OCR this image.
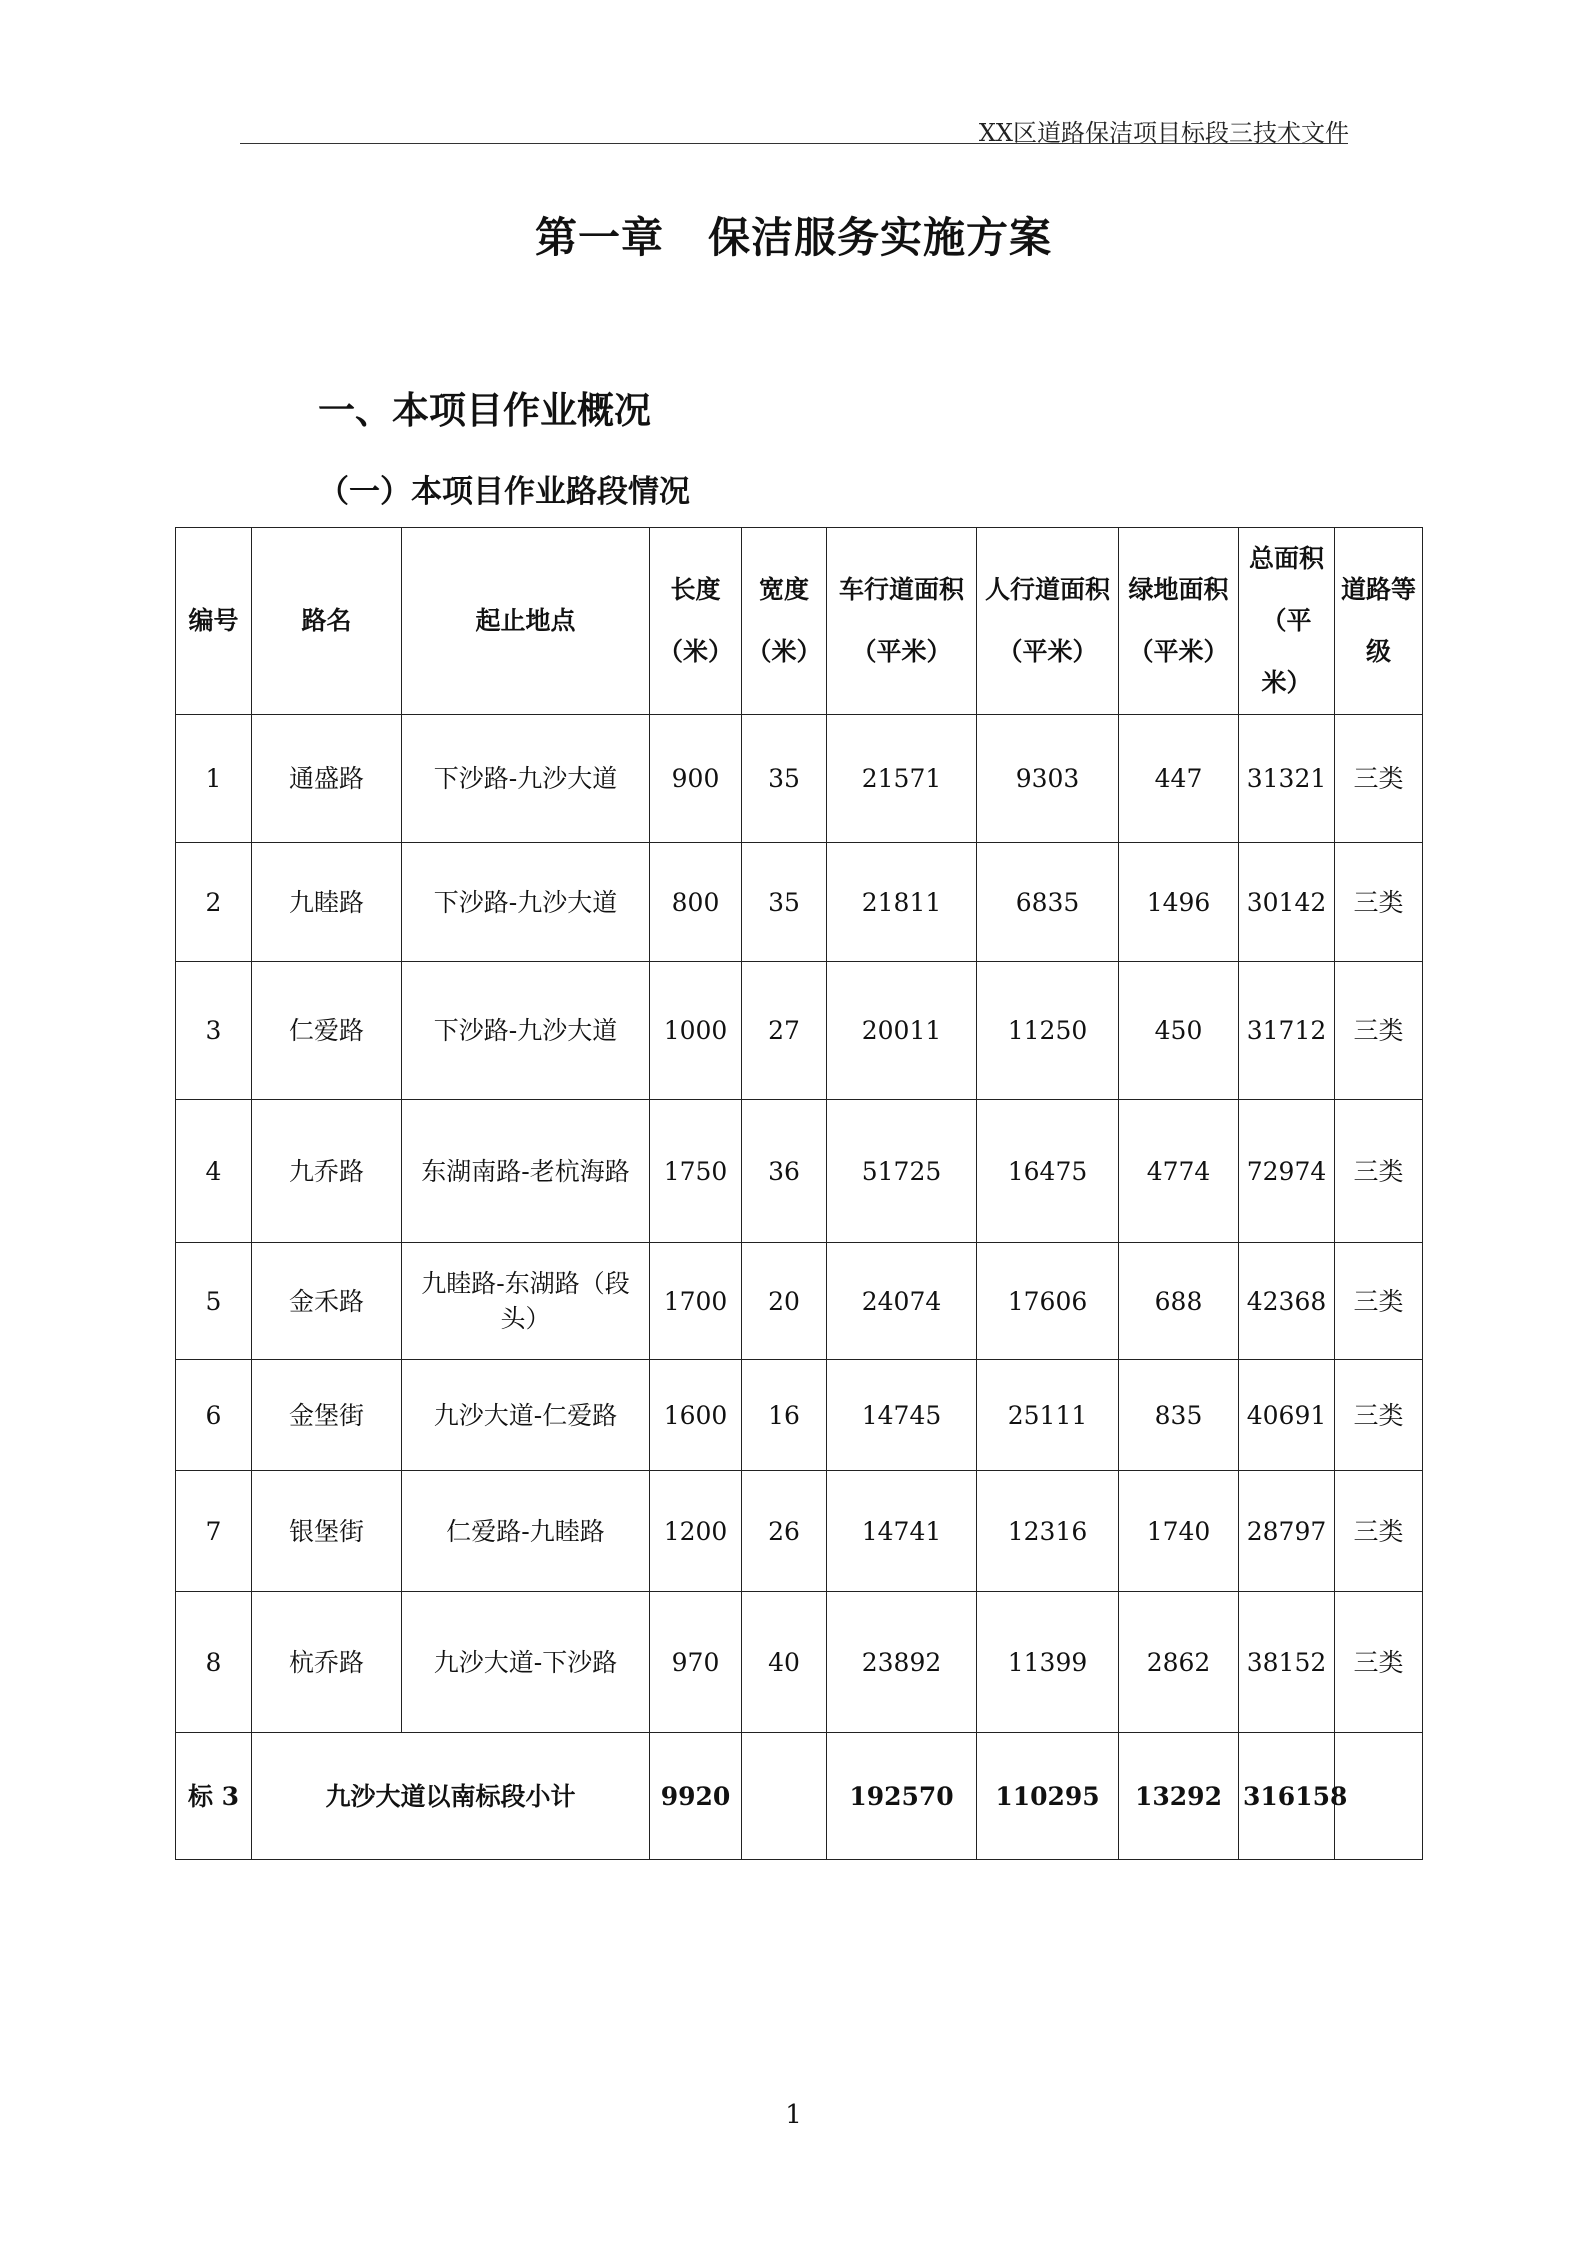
XX区道路保洁项目标段三技术文件
第一章 保洁服务实施方案
一、本项目作业概况
（一）本项目作业路段情况
编号	路名	起止地点	长度（米）	宽度（米）	车行道面积（平米）	人行道面积（平米）	绿地面积（平米）	总面积（平米）	道路等级
1	通盛路	下沙路-九沙大道	900	35	21571	9303	447	31321	三类
2	九睦路	下沙路-九沙大道	800	35	21811	6835	1496	30142	三类
3	仁爱路	下沙路-九沙大道	1000	27	20011	11250	450	31712	三类
4	九乔路	东湖南路-老杭海路	1750	36	51725	16475	4774	72974	三类
5	金禾路	九睦路-东湖路（段头）	1700	20	24074	17606	688	42368	三类
6	金堡街	九沙大道-仁爱路	1600	16	14745	25111	835	40691	三类
7	银堡街	仁爱路-九睦路	1200	26	14741	12316	1740	28797	三类
8	杭乔路	九沙大道-下沙路	970	40	23892	11399	2862	38152	三类
标 3	九沙大道以南标段小计		9920		192570	110295	13292	316158	
1
